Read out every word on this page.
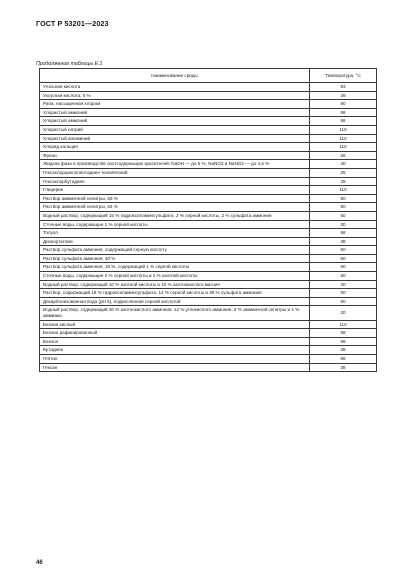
ГОСТ Р 53201—2023
Продолжение таблицы Е.1
Наименование среды	Температура, °С
Угольная кислота	93
Уксусная кислота, 5 %	49
Рапа, насыщенная хлором	80
Хлористый аммоний	66
Хлористый аммоний	66
Хлористый натрий	110
Хлористый алюминий	110
Хлорид кальция	110
Фреон	66
Жидкая фаза в производстве азотсодержащих красителей: NaOH — до 5 %, NaNO3 и NaNO2 — до 4,5 %	40
Гексахлорциклопентадиен технический	25
Гексахлорбутадиен	25
Глицерин	110
Раствор аммиачной селитры, 60 %	50
Раствор аммиачной селитры, 63 %	50
Водный раствор, содержащий 15 % гидроксиламинсульфата, 2 % серной кислоты, 2 % сульфата аммония	60
Сточные воды, содержащие 1 % серной кислоты	30
Толуол	66
Диэкортатоме	38
Раствор сульфата аммония, содержащий серную кислоту	50
Раствор сульфата аммония, 40 %	50
Раствор сульфата аммония, 15 %, содержащий 1 % серной кислоты	60
Сточные воды, содержащие 2 % серной кислоты и 2 % азотной кислоты	60
Водный раствор, содержащий 10 % азотной кислоты и 10 % азотнокислого магния	30
Раствор, содержащий 18 % гидроксиламинсульфата, 12 % серной кислоты и 35 % сульфата аммония	50
Декарбонизованная вода (pH 5), подкисленная серной кислотой	60
Водный раствор, содержащий 20 % азотнокислого аммония, 12 % углекислого аммония, 2 % аммиачной селитры и 1 % аммиака	20
Бензин кислый	110
Бензин рафинированный	66
Бензол	66
Бутадиен	38
Гептан	66
Гексан	38
46
